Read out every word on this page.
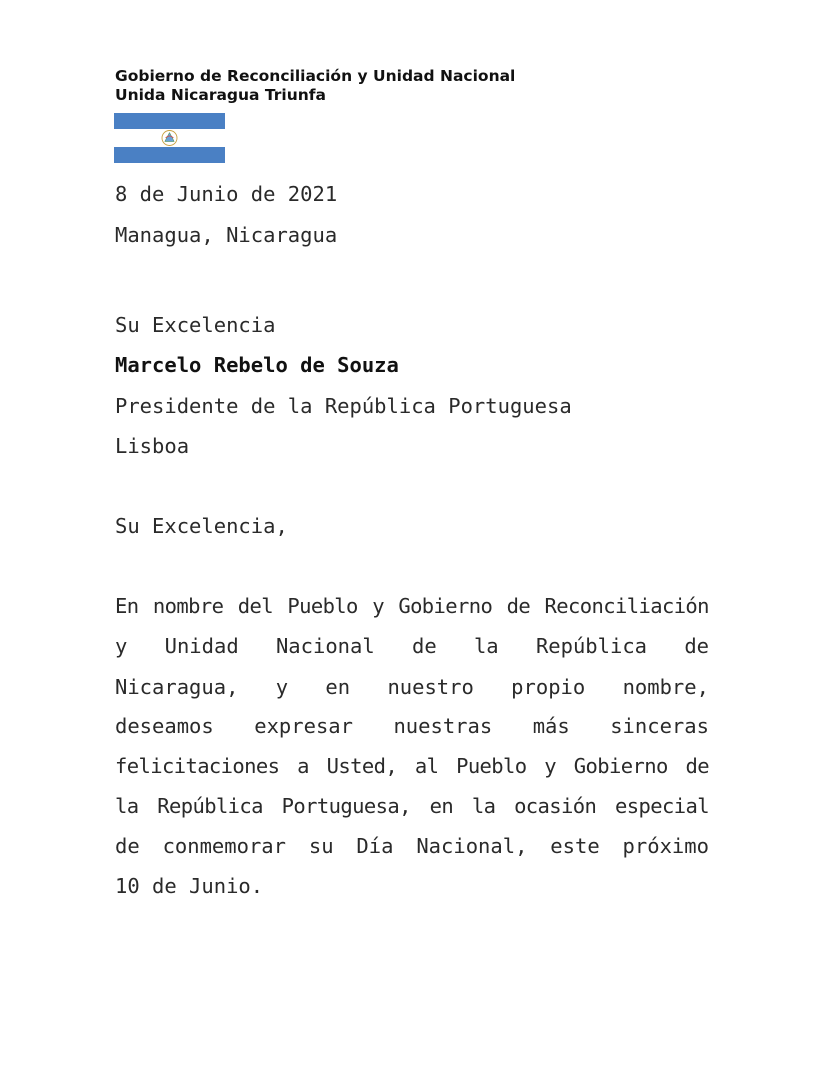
Gobierno de Reconciliación y Unidad Nacional
Unida Nicaragua Triunfa
8 de Junio de 2021
Managua, Nicaragua
Su Excelencia
Marcelo Rebelo de Souza
Presidente de la República Portuguesa
Lisboa
Su Excelencia,
En nombre del Pueblo y Gobierno de Reconciliación
y Unidad Nacional de la República de
Nicaragua, y en nuestro propio nombre,
deseamos expresar nuestras más sinceras
felicitaciones a Usted, al Pueblo y Gobierno de
la República Portuguesa, en la ocasión especial
de conmemorar su Día Nacional, este próximo
10 de Junio.
